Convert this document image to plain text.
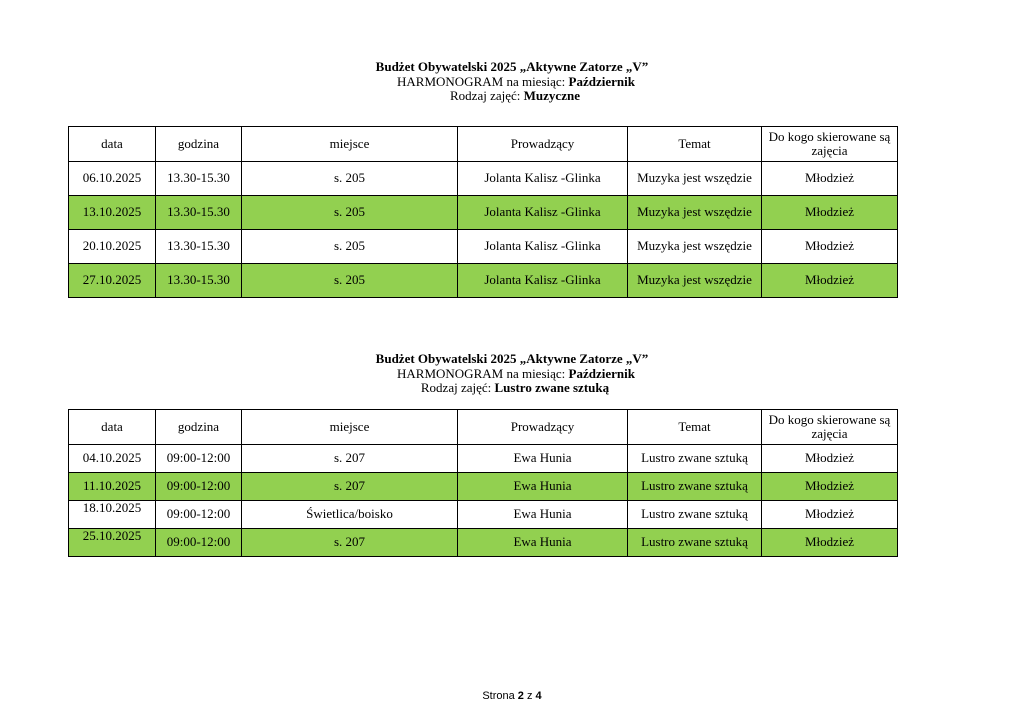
Budżet Obywatelski 2025 „Aktywne Zatorze „V”
HARMONOGRAM na miesiąc: Październik
Rodzaj zajęć: Muzyczne
data	godzina	miejsce	Prowadzący	Temat	Do kogo skierowane są zajęcia
06.10.2025	13.30-15.30	s. 205	Jolanta Kalisz -Glinka	Muzyka jest wszędzie	Młodzież
13.10.2025	13.30-15.30	s. 205	Jolanta Kalisz -Glinka	Muzyka jest wszędzie	Młodzież
20.10.2025	13.30-15.30	s. 205	Jolanta Kalisz -Glinka	Muzyka jest wszędzie	Młodzież
27.10.2025	13.30-15.30	s. 205	Jolanta Kalisz -Glinka	Muzyka jest wszędzie	Młodzież
Budżet Obywatelski 2025 „Aktywne Zatorze „V”
HARMONOGRAM na miesiąc: Październik
Rodzaj zajęć: Lustro zwane sztuką
data	godzina	miejsce	Prowadzący	Temat	Do kogo skierowane są zajęcia
04.10.2025	09:00-12:00	s. 207	Ewa Hunia	Lustro zwane sztuką	Młodzież
11.10.2025	09:00-12:00	s. 207	Ewa Hunia	Lustro zwane sztuką	Młodzież
18.10.2025	09:00-12:00	Świetlica/boisko	Ewa Hunia	Lustro zwane sztuką	Młodzież
25.10.2025	09:00-12:00	s. 207	Ewa Hunia	Lustro zwane sztuką	Młodzież
Strona 2 z 4
